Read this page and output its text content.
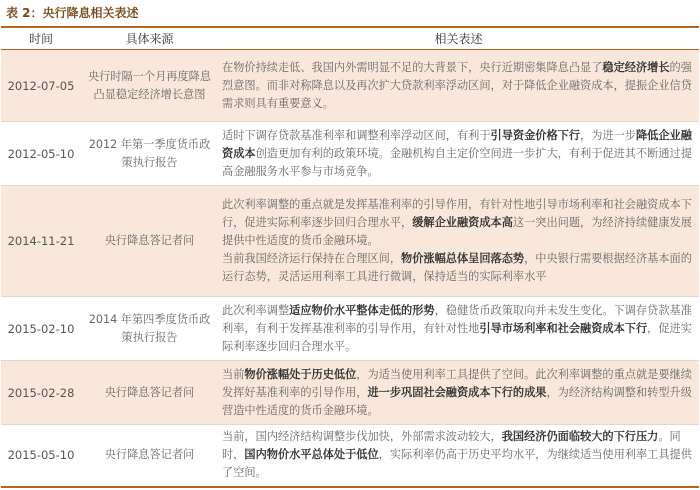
表 2：央行降息相关表述
时间	具体来源	相关表述
2012-07-05	央行时隔一个月再度降息 凸显稳定经济增长意图	在物价持续走低、我国内外需明显不足的大背景下，央行近期密集降息凸显了稳定经济增长的强烈意图。而非对称降息以及再次扩大贷款利率浮动区间，对于降低企业融资成本，提振企业信贷需求则具有重要意义。
2012-05-10	2012 年第一季度货币政策执行报告	适时下调存贷款基准利率和调整利率浮动区间，有利于引导资金价格下行，为进一步降低企业融资成本创造更加有利的政策环境。金融机构自主定价空间进一步扩大，有利于促进其不断通过提高金融服务水平参与市场竞争。
2014-11-21	央行降息答记者问	此次利率调整的重点就是发挥基准利率的引导作用，有针对性地引导市场利率和社会融资成本下行，促进实际利率逐步回归合理水平，缓解企业融资成本高这一突出问题，为经济持续健康发展提供中性适度的货币金融环境。
当前我国经济运行保持在合理区间，物价涨幅总体呈回落态势，中央银行需要根据经济基本面的运行态势，灵活运用利率工具进行微调，保持适当的实际利率水平
2015-02-10	2014 年第四季度货币政策执行报告	此次利率调整适应物价水平整体走低的形势，稳健货币政策取向并未发生变化。下调存贷款基准利率，有利于发挥基准利率的引导作用，有针对性地引导市场利率和社会融资成本下行，促进实际利率逐步回归合理水平。
2015-02-28	央行降息答记者问	当前物价涨幅处于历史低位，为适当使用利率工具提供了空间。此次利率调整的重点就是要继续发挥好基准利率的引导作用，进一步巩固社会融资成本下行的成果，为经济结构调整和转型升级营造中性适度的货币金融环境。
2015-05-10	央行降息答记者问	当前，国内经济结构调整步伐加快，外部需求波动较大，我国经济仍面临较大的下行压力。同时，国内物价水平总体处于低位，实际利率仍高于历史平均水平，为继续适当使用利率工具提供了空间。
